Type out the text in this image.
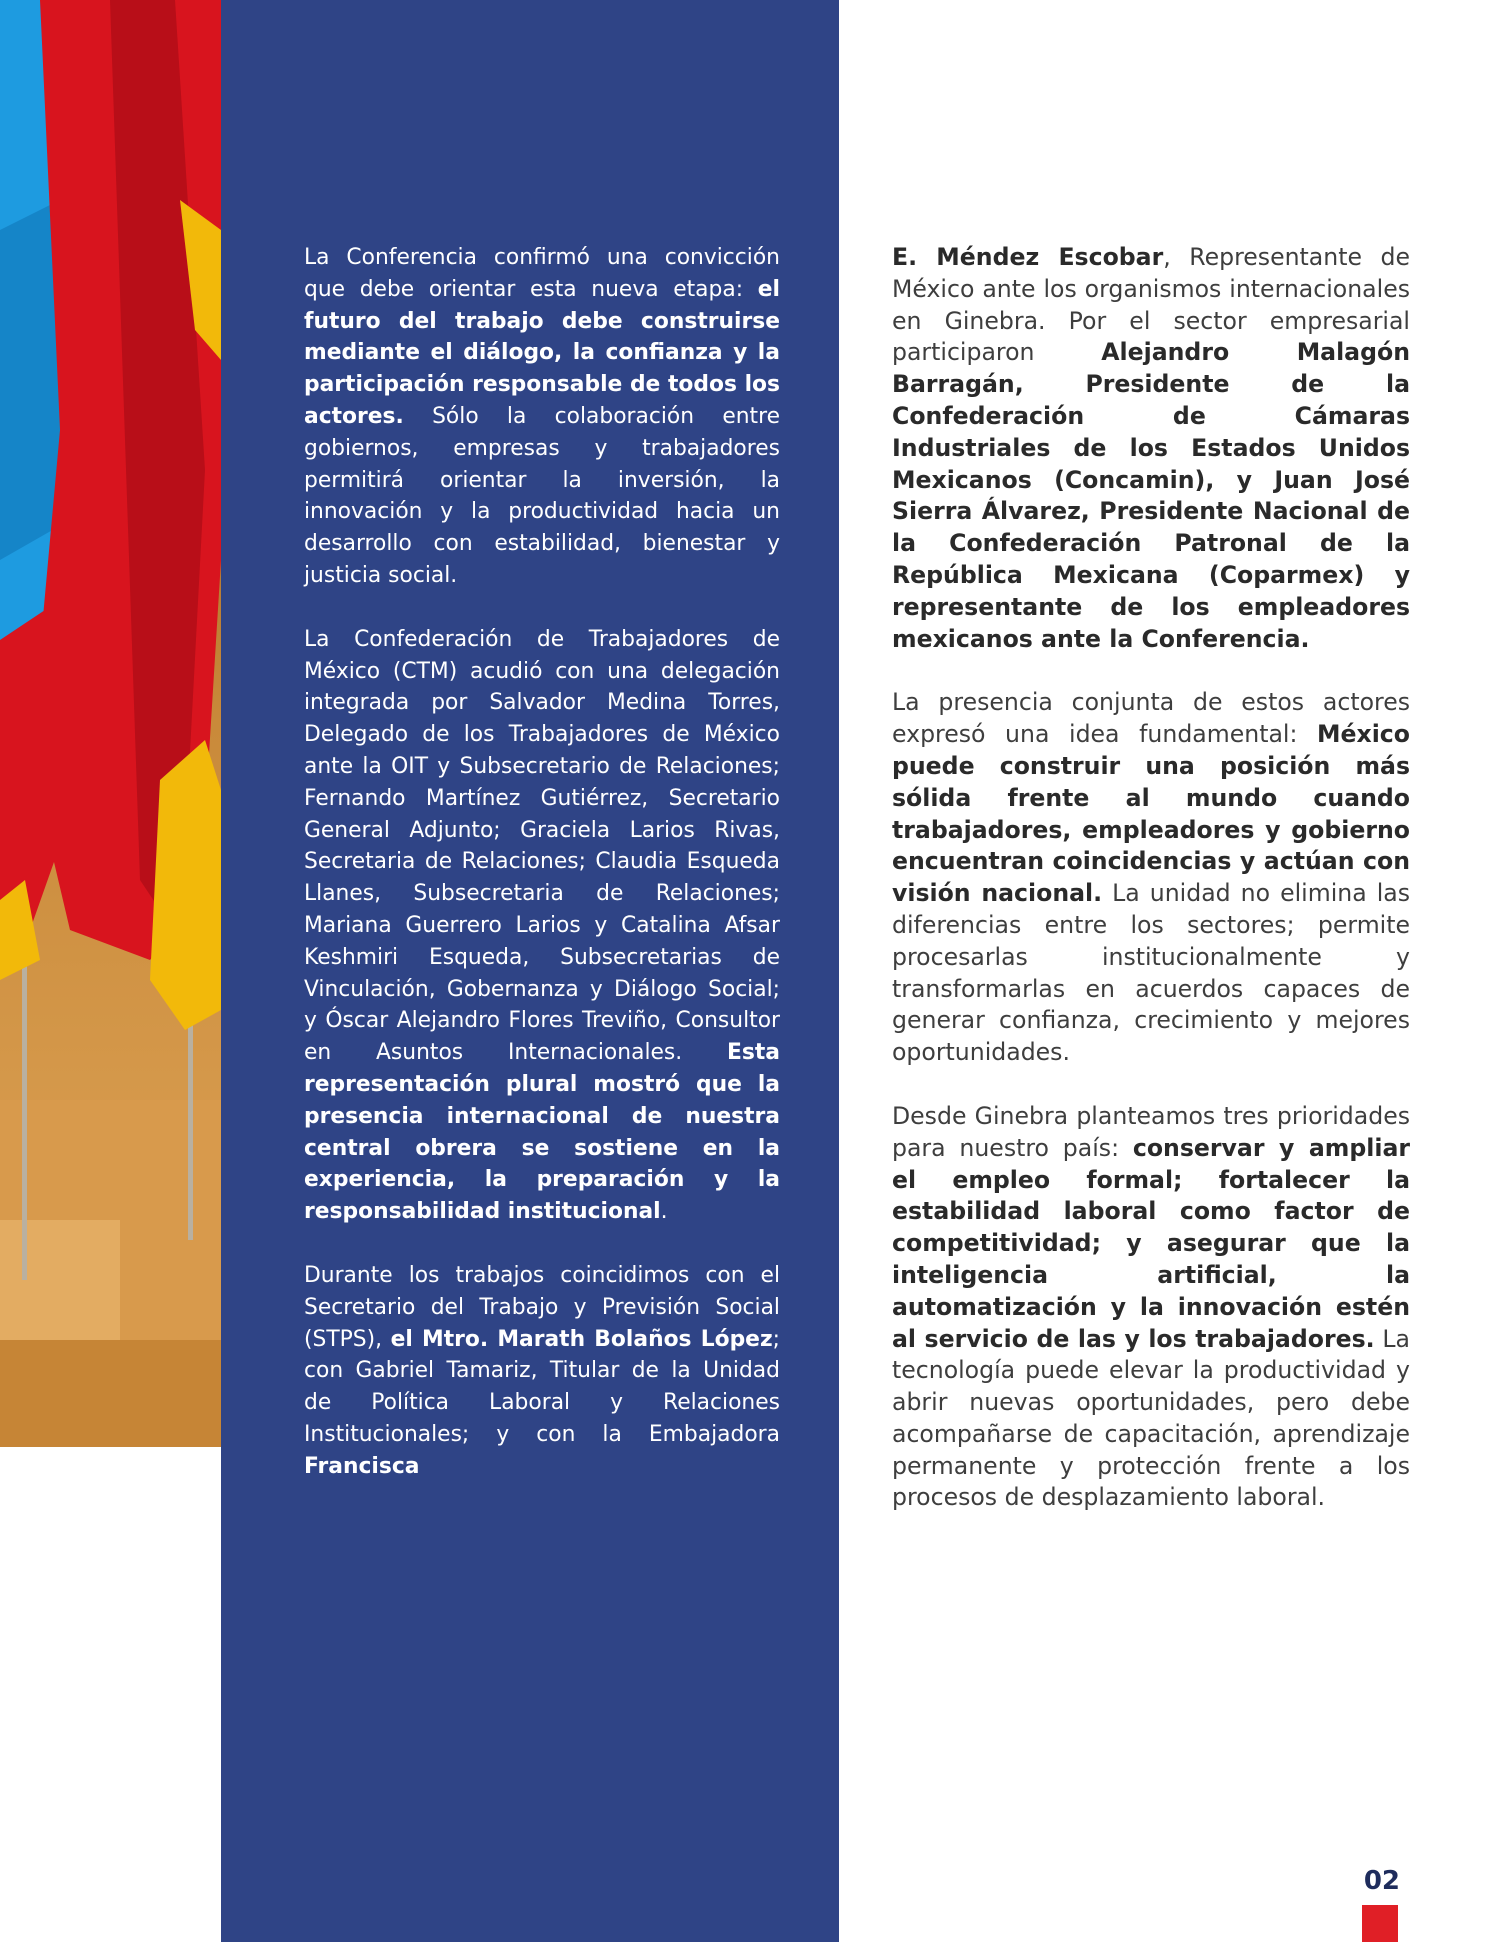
La Conferencia confirmó una convicción que debe orientar esta nueva etapa: el futuro del trabajo debe construirse mediante el diálogo, la confianza y la participación responsable de todos los actores. Sólo la colaboración entre gobiernos, empresas y trabajadores permitirá orientar la inversión, la innovación y la productividad hacia un desarrollo con estabilidad, bienestar y justicia social.

La Confederación de Trabajadores de México (CTM) acudió con una delegación integrada por Salvador Medina Torres, Delegado de los Trabajadores de México ante la OIT y Subsecretario de Relaciones; Fernando Martínez Gutiérrez, Secretario General Adjunto; Graciela Larios Rivas, Secretaria de Relaciones; Claudia Esqueda Llanes, Subsecretaria de Relaciones; Mariana Guerrero Larios y Catalina Afsar Keshmiri Esqueda, Subsecretarias de Vinculación, Gobernanza y Diálogo Social; y Óscar Alejandro Flores Treviño, Consultor en Asuntos Internacionales. Esta representación plural mostró que la presencia internacional de nuestra central obrera se sostiene en la experiencia, la preparación y la responsabilidad institucional.

Durante los trabajos coincidimos con el Secretario del Trabajo y Previsión Social (STPS), el Mtro. Marath Bolaños López; con Gabriel Tamariz, Titular de la Unidad de Política Laboral y Relaciones Institucionales; y con la Embajadora Francisca

E. Méndez Escobar, Representante de México ante los organismos internacionales en Ginebra. Por el sector empresarial participaron Alejandro Malagón Barragán, Presidente de la Confederación de Cámaras Industriales de los Estados Unidos Mexicanos (Concamin), y Juan José Sierra Álvarez, Presidente Nacional de la Confederación Patronal de la República Mexicana (Coparmex) y representante de los empleadores mexicanos ante la Conferencia.

La presencia conjunta de estos actores expresó una idea fundamental: México puede construir una posición más sólida frente al mundo cuando trabajadores, empleadores y gobierno encuentran coincidencias y actúan con visión nacional. La unidad no elimina las diferencias entre los sectores; permite procesarlas institucionalmente y transformarlas en acuerdos capaces de generar confianza, crecimiento y mejores oportunidades.

Desde Ginebra planteamos tres prioridades para nuestro país: conservar y ampliar el empleo formal; fortalecer la estabilidad laboral como factor de competitividad; y asegurar que la inteligencia artificial, la automatización y la innovación estén al servicio de las y los trabajadores. La tecnología puede elevar la productividad y abrir nuevas oportunidades, pero debe acompañarse de capacitación, aprendizaje permanente y protección frente a los procesos de desplazamiento laboral.

02
